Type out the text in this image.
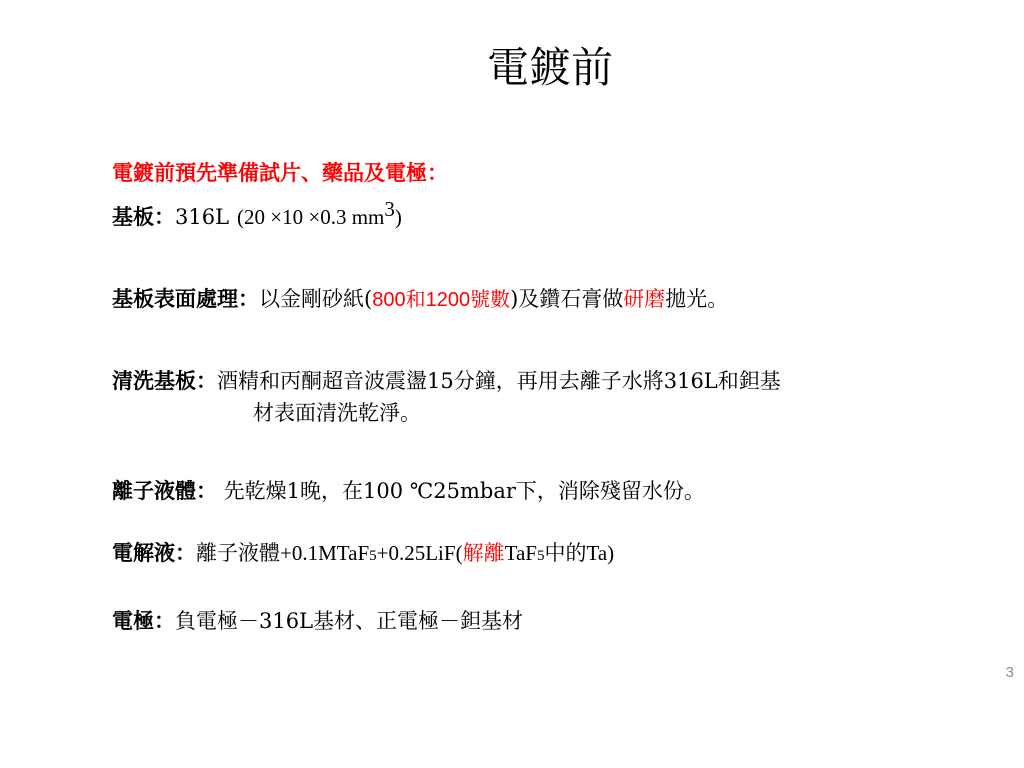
電鍍前
電鍍前預先準備試片、藥品及電極：
基板：316L (20 ×10 ×0.3 $mm^3$)
基板表面處理：以金剛砂紙(800和1200號數)及鑽石膏做研磨拋光。
清洗基板：酒精和丙酮超音波震盪15分鐘，再用去離子水將316L和鉭基
材表面清洗乾淨。
離子液體： 先乾燥1晚，在100 ℃25mbar下，消除殘留水份。
電解液：離子液體+0.1MTaF5+0.25LiF(解離TaF5中的Ta)
電極：負電極－316L基材、正電極－鉭基材
3
